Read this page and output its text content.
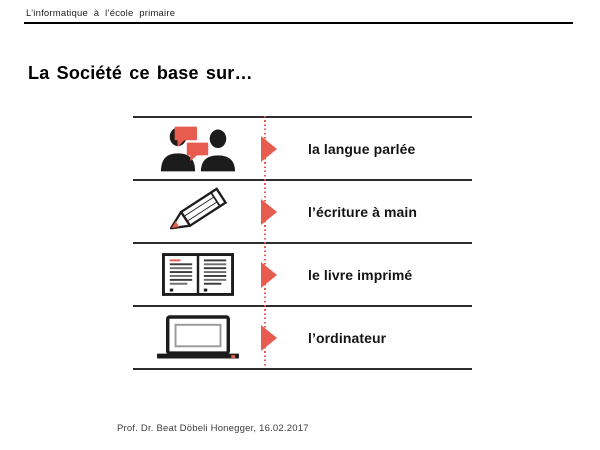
L’informatique à l’école primaire
La Société ce base sur…
la langue parlée
l’écriture à main
le livre imprimé
l’ordinateur
Prof. Dr. Beat Döbeli Honegger, 16.02.2017
